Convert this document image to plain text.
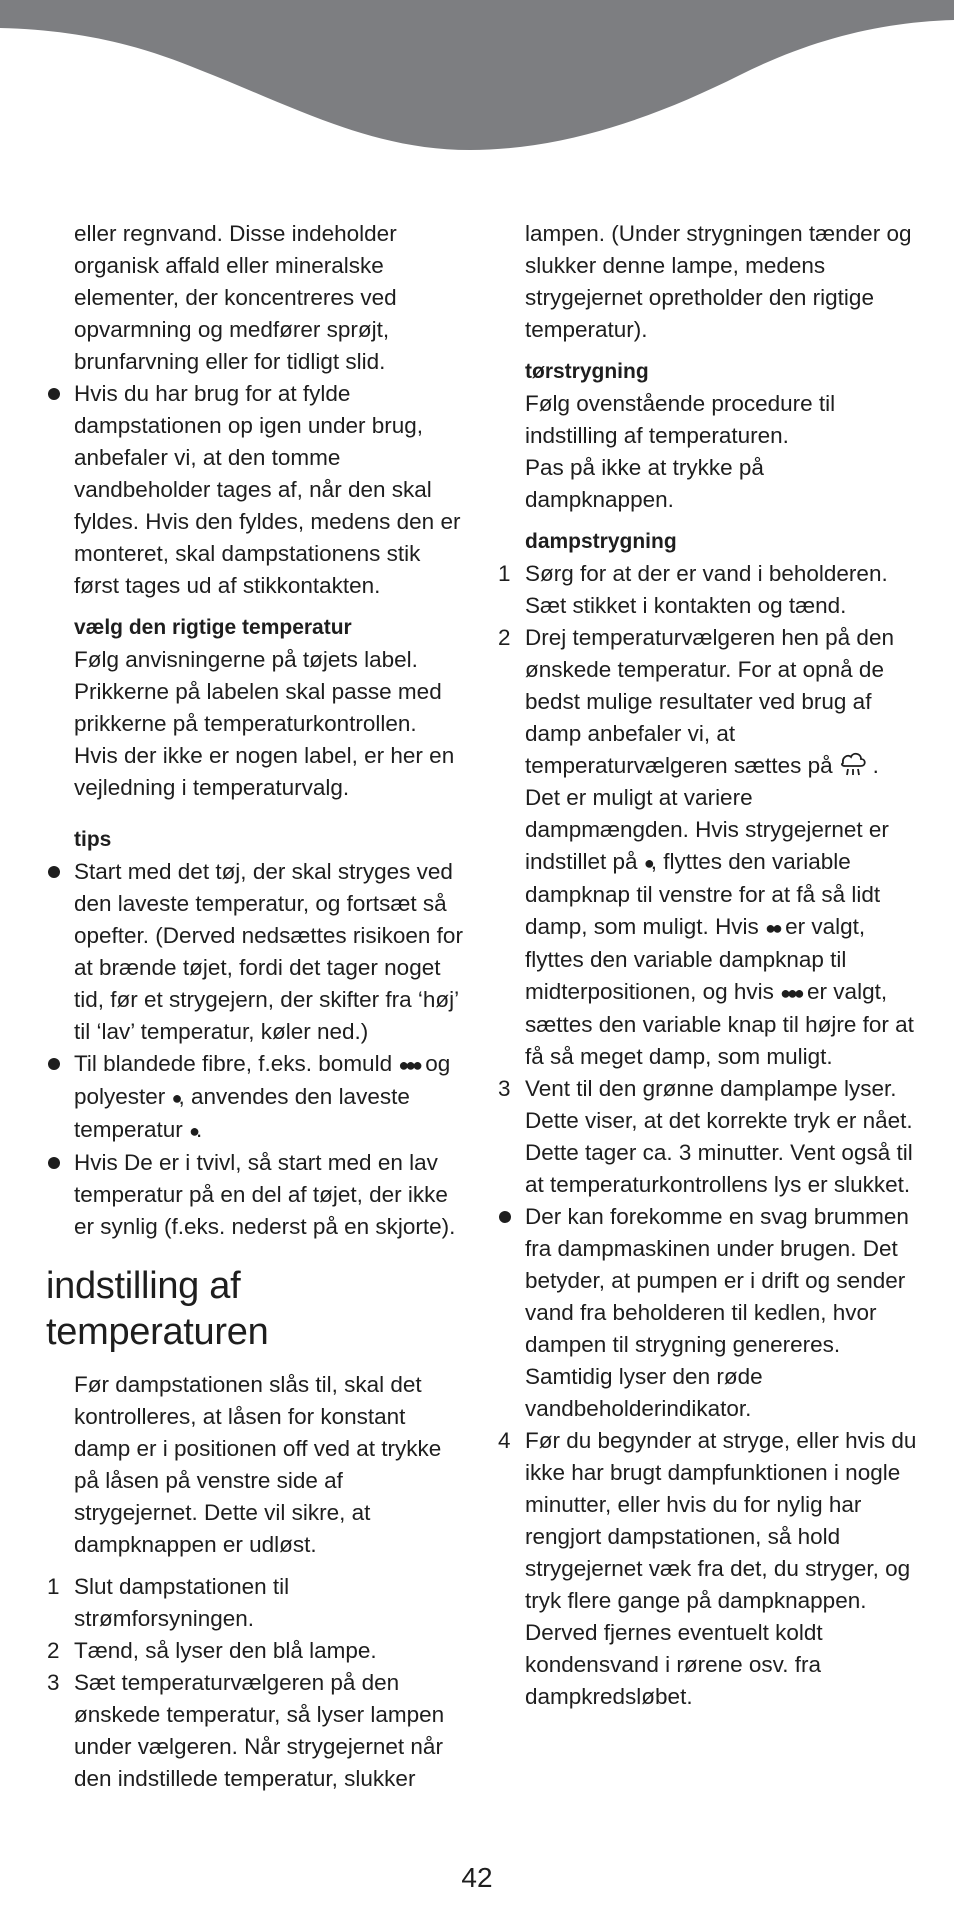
eller regnvand. Disse indeholder organisk affald eller mineralske elementer, der koncentreres ved opvarmning og medfører sprøjt, brunfarvning eller for tidligt slid.

Hvis du har brug for at fylde dampstationen op igen under brug, anbefaler vi, at den tomme vandbeholder tages af, når den skal fyldes. Hvis den fyldes, medens den er monteret, skal dampstationens stik først tages ud af stikkontakten.
vælg den rigtige temperatur

Følg anvisningerne på tøjets label. Prikkerne på labelen skal passe med prikkerne på temperaturkontrollen. Hvis der ikke er nogen label, er her en vejledning i temperaturvalg.

tips
Start med det tøj, der skal stryges ved den laveste temperatur, og fortsæt så opefter. (Derved nedsættes risikoen for at brænde tøjet, fordi det tager noget tid, før et strygejern, der skifter fra ‘høj’ til ‘lav’ temperatur, køler ned.)
Til blandede fibre, f.eks. bomuld ●●● og polyester ●, anvendes den laveste temperatur ●.
Hvis De er i tvivl, så start med en lav temperatur på en del af tøjet, der ikke er synlig (f.eks. nederst på en skjorte).
indstilling af temperaturen

Før dampstationen slås til, skal det kontrolleres, at låsen for konstant damp er i positionen off ved at trykke på låsen på venstre side af strygejernet. Dette vil sikre, at dampknappen er udløst.

1 Slut dampstationen til strømforsyningen.
2 Tænd, så lyser den blå lampe.
3 Sæt temperaturvælgeren på den ønskede temperatur, så lyser lampen under vælgeren. Når strygejernet når den indstillede temperatur, slukker

lampen. (Under strygningen tænder og slukker denne lampe, medens strygejernet opretholder den rigtige temperatur).

tørstrygning

Følg ovenstående procedure til indstilling af temperaturen.

Pas på ikke at trykke på dampknappen.

dampstrygning
1 Sørg for at der er vand i beholderen. Sæt stikket i kontakten og tænd.
2 Drej temperaturvælgeren hen på den ønskede temperatur. For at opnå de bedst mulige resultater ved brug af damp anbefaler vi, at temperaturvælgeren sættes på . Det er muligt at variere dampmængden. Hvis strygejernet er indstillet på ●, flyttes den variable dampknap til venstre for at få så lidt damp, som muligt. Hvis ●● er valgt, flyttes den variable dampknap til midterpositionen, og hvis ●●● er valgt, sættes den variable knap til højre for at få så meget damp, som muligt.
3 Vent til den grønne damplampe lyser. Dette viser, at det korrekte tryk er nået. Dette tager ca. 3 minutter. Vent også til at temperaturkontrollens lys er slukket.
Der kan forekomme en svag brummen fra dampmaskinen under brugen. Det betyder, at pumpen er i drift og sender vand fra beholderen til kedlen, hvor dampen til strygning genereres. Samtidig lyser den røde vandbeholderindikator.
4 Før du begynder at stryge, eller hvis du ikke har brugt dampfunktionen i nogle minutter, eller hvis du for nylig har rengjort dampstationen, så hold strygejernet væk fra det, du stryger, og tryk flere gange på dampknappen. Derved fjernes eventuelt koldt kondensvand i rørene osv. fra dampkredsløbet.
42
